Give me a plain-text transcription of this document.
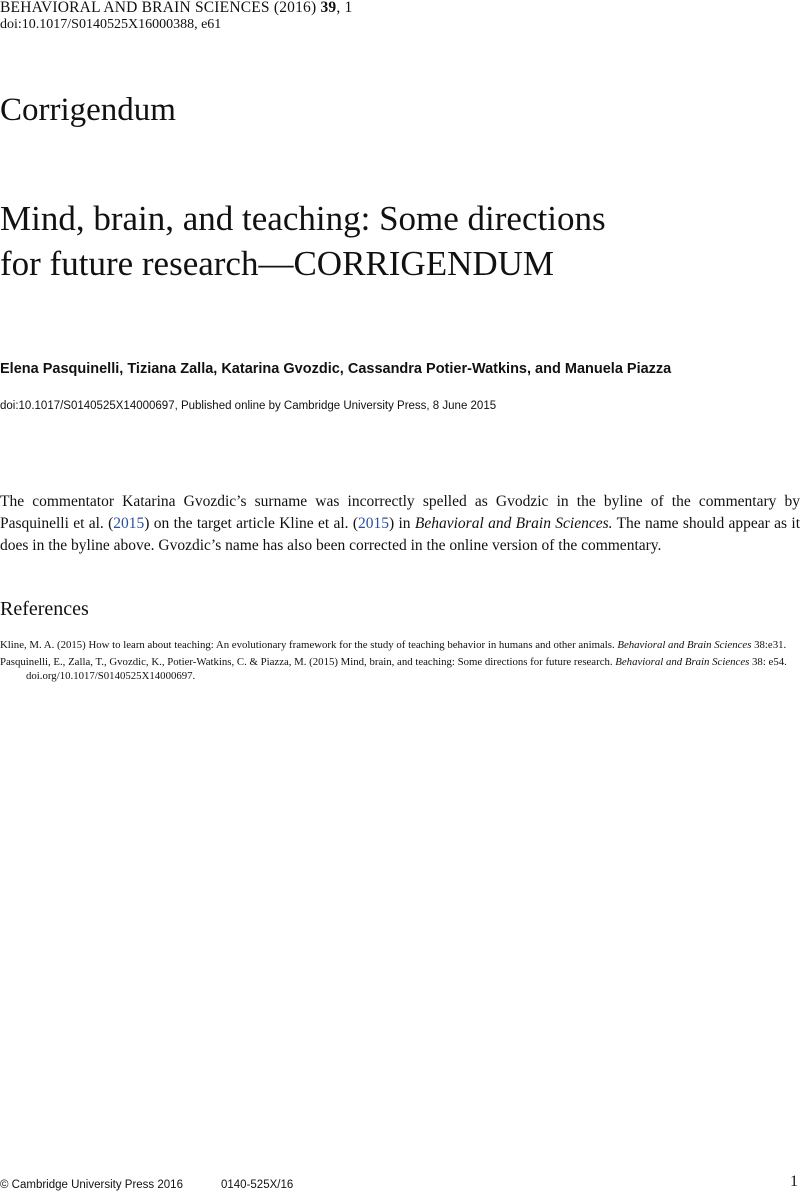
BEHAVIORAL AND BRAIN SCIENCES (2016) 39, 1
doi:10.1017/S0140525X16000388, e61
Corrigendum
Mind, brain, and teaching: Some directions
for future research—CORRIGENDUM

Elena Pasquinelli, Tiziana Zalla, Katarina Gvozdic, Cassandra Potier-Watkins, and Manuela Piazza

doi:10.1017/S0140525X14000697, Published online by Cambridge University Press, 8 June 2015

The commentator Katarina Gvozdic’s surname was incorrectly spelled as Gvodzic in the byline of the commentary by Pasquinelli et al. (2015) on the target article Kline et al. (2015) in Behavioral and Brain Sciences. The name should appear as it does in the byline above. Gvozdic’s name has also been corrected in the online version of the commentary.

References
Kline, M. A. (2015) How to learn about teaching: An evolutionary framework for the study of teaching behavior in humans and other animals. Behavioral and Brain Sciences 38:e31.
Pasquinelli, E., Zalla, T., Gvozdic, K., Potier-Watkins, C. & Piazza, M. (2015) Mind, brain, and teaching: Some directions for future research. Behavioral and Brain Sciences 38: e54. doi.org/10.1017/S0140525X14000697.
© Cambridge University Press 2016	0140-525X/16	1
